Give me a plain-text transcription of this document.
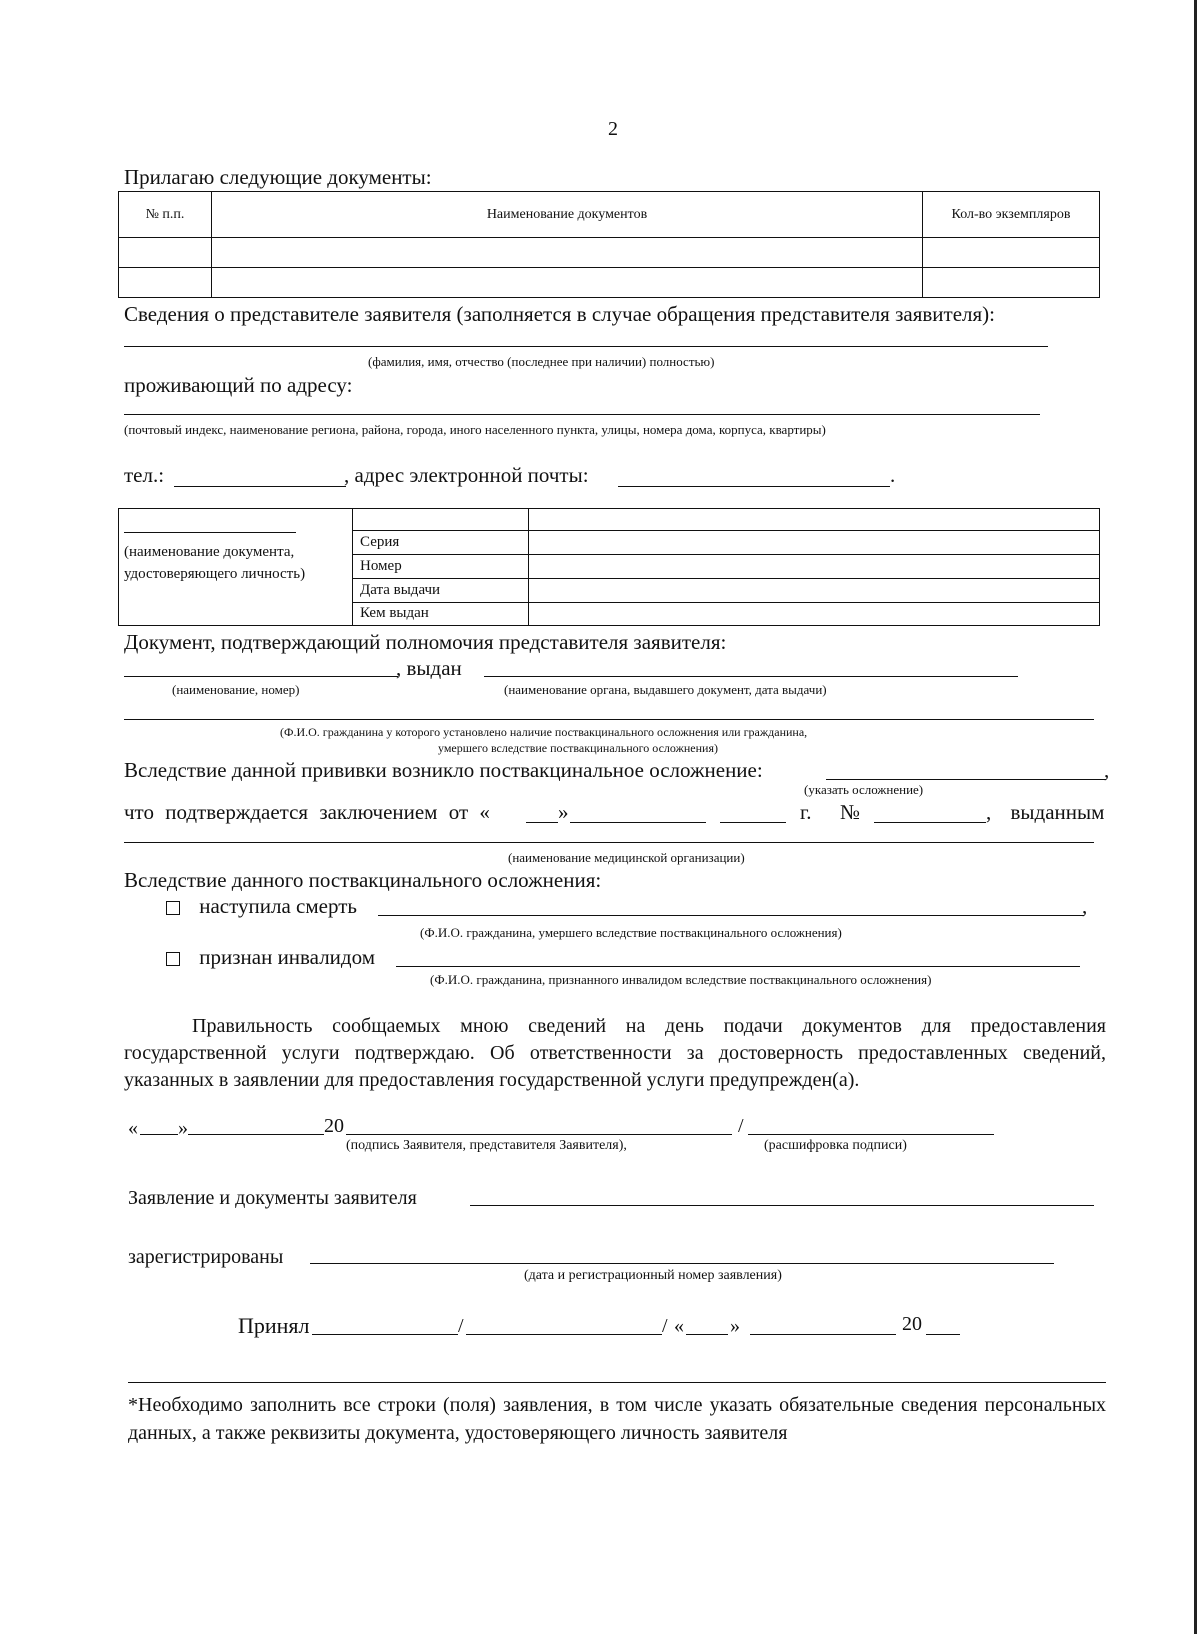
2
Прилагаю следующие документы:
№ п.п.	Наименование документов	Кол-во экземпляров

Сведения о представителе заявителя (заполняется в случае обращения представителя заявителя):
(фамилия, имя, отчество (последнее при наличии) полностью)
проживающий по адресу:
(почтовый индекс, наименование региона, района, города, иного населенного пункта, улицы, номера дома, корпуса, квартиры)
тел.:	, адрес электронной почты:	.
(наименование документа, удостоверяющего личность)
Серия
Номер
Дата выдачи
Кем выдан
Документ, подтверждающий полномочия представителя заявителя:
, выдан
(наименование, номер)	(наименование органа, выдавшего документ, дата выдачи)
(Ф.И.О. гражданина у которого установлено наличие поствакцинального осложнения или гражданина,
умершего вследствие поствакцинального осложнения)
Вследствие данной прививки возникло поствакцинальное осложнение:	,
(указать осложнение)
что подтверждается заключением от «	»	г. №	, выданным
(наименование медицинской организации)
Вследствие данного поствакцинального осложнения:
наступила смерть	,
(Ф.И.О. гражданина, умершего вследствие поствакцинального осложнения)
признан инвалидом
(Ф.И.О. гражданина, признанного инвалидом вследствие поствакцинального осложнения)
Правильность сообщаемых мною сведений на день подачи документов для предоставления государственной услуги подтверждаю. Об ответственности за достоверность предоставленных сведений, указанных в заявлении для предоставления государственной услуги предупрежден(а).
« »	20	/
(подпись Заявителя, представителя Заявителя),	(расшифровка подписи)
Заявление и документы заявителя
зарегистрированы
(дата и регистрационный номер заявления)
Принял	/	/ « »	20
*Необходимо заполнить все строки (поля) заявления, в том числе указать обязательные сведения персональных данных, а также реквизиты документа, удостоверяющего личность заявителя
